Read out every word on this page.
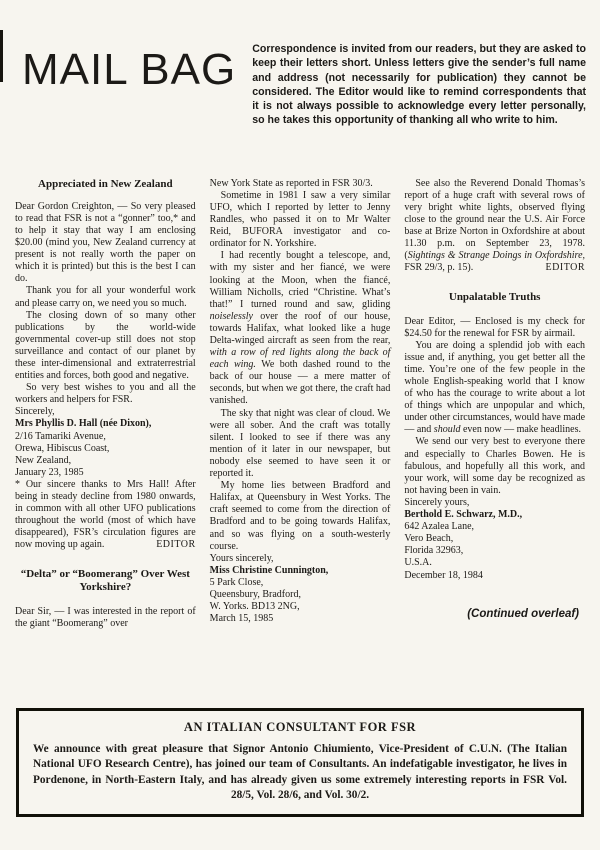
MAIL BAG Correspondence is invited from our readers, but they are asked to keep their letters short. Unless letters give the sender’s full name and address (not necessarily for publication) they cannot be considered. The Editor would like to remind correspondents that it is not always possible to acknowledge every letter personally, so he takes this opportunity of thanking all who write to him.

Appreciated in New Zealand

Dear Gordon Creighton, — So very pleased to read that FSR is not a “gonner” too,* and to help it stay that way I am enclosing $20.00 (mind you, New Zealand currency at present is not really worth the paper on which it is printed) but this is the best I can do.

Thank you for all your wonderful work and please carry on, we need you so much.

The closing down of so many other publications by the world-wide governmental cover-up still does not stop surveillance and contact of our planet by these inter-dimensional and extraterrestrial entities and forces, both good and negative.

So very best wishes to you and all the workers and helpers for FSR.

Sincerely,

Mrs Phyllis D. Hall (née Dixon),

2/16 Tamariki Avenue,

Orewa, Hibiscus Coast,

New Zealand,

January 23, 1985

* Our sincere thanks to Mrs Hall! After being in steady decline from 1980 onwards, in common with all other UFO publications throughout the world (most of which have disappeared), FSR’s circulation figures are now moving up again.	EDITOR

“Delta” or “Boomerang” Over West Yorkshire?

Dear Sir, — I was interested in the report of the giant “Boomerang” over

New York State as reported in FSR 30/3.

Sometime in 1981 I saw a very similar UFO, which I reported by letter to Jenny Randles, who passed it on to Mr Walter Reid, BUFORA investigator and co-ordinator for N. Yorkshire.

I had recently bought a telescope, and, with my sister and her fiancé, we were looking at the Moon, when the fiancé, William Nicholls, cried “Christine. What’s that!” I turned round and saw, gliding noiselessly over the roof of our house, towards Halifax, what looked like a huge Delta-winged aircraft as seen from the rear, with a row of red lights along the back of each wing. We both dashed round to the back of our house — a mere matter of seconds, but when we got there, the craft had vanished.

The sky that night was clear of cloud. We were all sober. And the craft was totally silent. I looked to see if there was any mention of it later in our newspaper, but nobody else seemed to have seen it or reported it.

My home lies between Bradford and Halifax, at Queensbury in West Yorks. The craft seemed to come from the direction of Bradford and to be going towards Halifax, and so was flying on a south-westerly course.

Yours sincerely,

Miss Christine Cunnington,

5 Park Close,

Queensbury, Bradford,

W. Yorks. BD13 2NG,

March 15, 1985

See also the Reverend Donald Thomas’s report of a huge craft with several rows of very bright white lights, observed flying close to the ground near the U.S. Air Force base at Brize Norton in Oxfordshire at about 11.30 p.m. on September 23, 1978. (Sightings & Strange Doings in Oxfordshire, FSR 29/3, p. 15).	EDITOR

Unpalatable Truths

Dear Editor, — Enclosed is my check for $24.50 for the renewal for FSR by airmail.

You are doing a splendid job with each issue and, if anything, you get better all the time. You’re one of the few people in the whole English-speaking world that I know of who has the courage to write about a lot of things which are unpopular and which, under other circumstances, would have made — and should even now — make headlines.

We send our very best to everyone there and especially to Charles Bowen. He is fabulous, and hopefully all this work, and your work, will some day be recognized as not having been in vain.

Sincerely yours,

Berthold E. Schwarz, M.D.,

642 Azalea Lane,

Vero Beach,

Florida 32963,

U.S.A.

December 18, 1984

(Continued overleaf)

AN ITALIAN CONSULTANT FOR FSR

We announce with great pleasure that Signor Antonio Chiumiento, Vice-President of C.U.N. (The Italian National UFO Research Centre), has joined our team of Consultants. An indefatigable investigator, he lives in Pordenone, in North-Eastern Italy, and has already given us some extremely interesting reports in FSR Vol. 28/5, Vol. 28/6, and Vol. 30/2.
